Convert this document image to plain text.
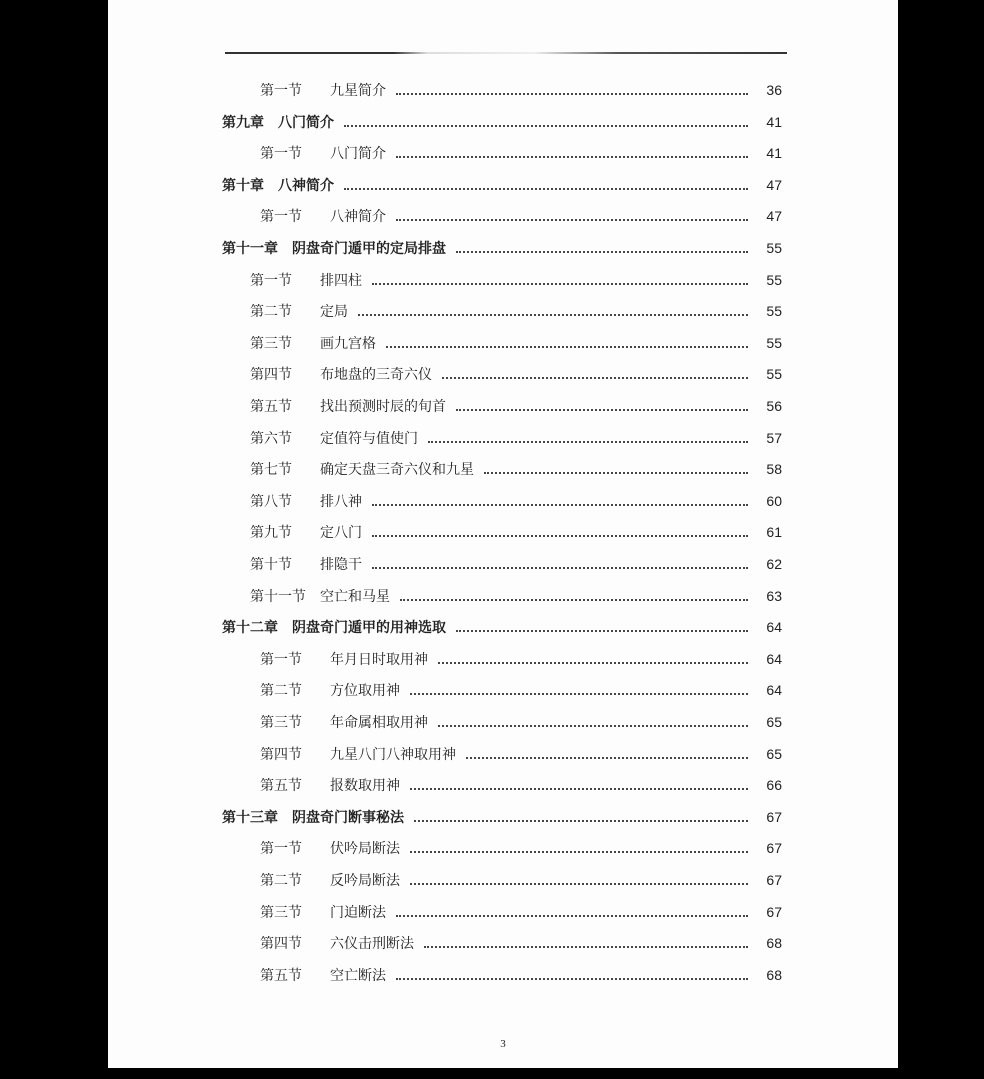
第一节	九星简介	36
第九章 八门简介	41
第一节	八门简介	41
第十章 八神简介	47
第一节	八神简介	47
第十一章 阴盘奇门遁甲的定局排盘	55
第一节	排四柱	55
第二节	定局	55
第三节	画九宫格	55
第四节	布地盘的三奇六仪	55
第五节	找出预测时辰的旬首	56
第六节	定值符与值使门	57
第七节	确定天盘三奇六仪和九星	58
第八节	排八神	60
第九节	定八门	61
第十节	排隐干	62
第十一节	空亡和马星	63
第十二章 阴盘奇门遁甲的用神选取	64
第一节	年月日时取用神	64
第二节	方位取用神	64
第三节	年命属相取用神	65
第四节	九星八门八神取用神	65
第五节	报数取用神	66
第十三章 阴盘奇门断事秘法	67
第一节	伏吟局断法	67
第二节	反吟局断法	67
第三节	门迫断法	67
第四节	六仪击刑断法	68
第五节	空亡断法	68
3
